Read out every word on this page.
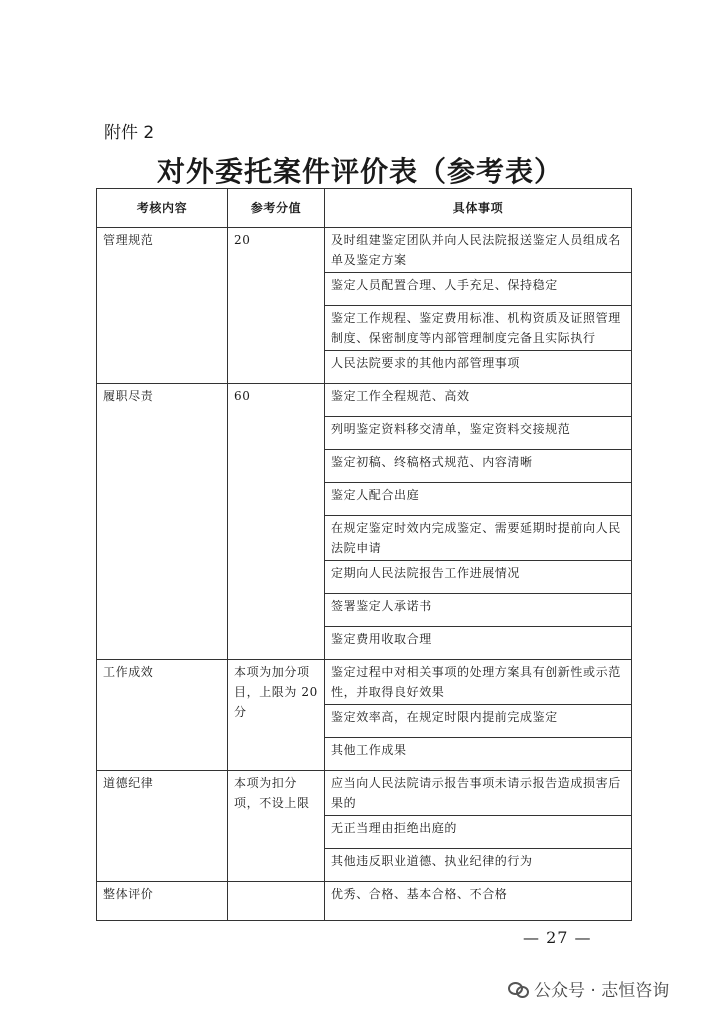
附件 2
对外委托案件评价表（参考表）
考核内容	参考分值	具体事项
管理规范	20	及时组建鉴定团队并向人民法院报送鉴定人员组成名单及鉴定方案
		鉴定人员配置合理、人手充足、保持稳定
		鉴定工作规程、鉴定费用标准、机构资质及证照管理制度、保密制度等内部管理制度完备且实际执行
		人民法院要求的其他内部管理事项
履职尽责	60	鉴定工作全程规范、高效
		列明鉴定资料移交清单，鉴定资料交接规范
		鉴定初稿、终稿格式规范、内容清晰
		鉴定人配合出庭
		在规定鉴定时效内完成鉴定、需要延期时提前向人民法院申请
		定期向人民法院报告工作进展情况
		签署鉴定人承诺书
		鉴定费用收取合理
工作成效	本项为加分项目，上限为 20 分	鉴定过程中对相关事项的处理方案具有创新性或示范性，并取得良好效果
		鉴定效率高，在规定时限内提前完成鉴定
		其他工作成果
道德纪律	本项为扣分项，不设上限	应当向人民法院请示报告事项未请示报告造成损害后果的
		无正当理由拒绝出庭的
		其他违反职业道德、执业纪律的行为
整体评价		优秀、合格、基本合格、不合格
— 27 —
公众号 · 志恒咨询
